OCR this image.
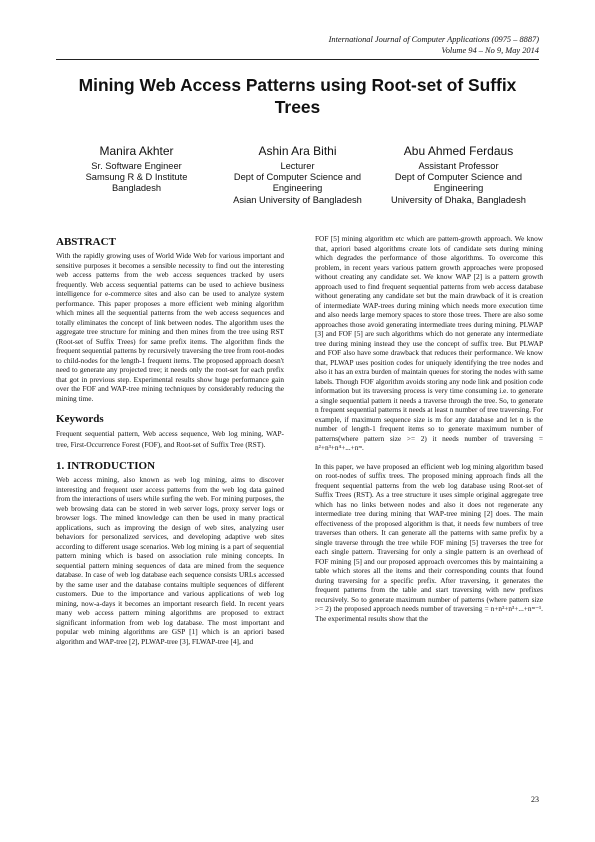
International Journal of Computer Applications (0975 – 8887)
Volume 94 – No 9, May 2014
Mining Web Access Patterns using Root-set of Suffix Trees
Manira Akhter
Sr. Software Engineer
Samsung R & D Institute
Bangladesh
Ashin Ara Bithi
Lecturer
Dept of Computer Science and Engineering
Asian University of Bangladesh
Abu Ahmed Ferdaus
Assistant Professor
Dept of Computer Science and Engineering
University of Dhaka, Bangladesh
ABSTRACT

With the rapidly growing uses of World Wide Web for various important and sensitive purposes it becomes a sensible necessity to find out the interesting web access patterns from the web access sequences tracked by users frequently. Web access sequential patterns can be used to achieve business intelligence for e-commerce sites and also can be used to analyze system performance. This paper proposes a more efficient web mining algorithm which mines all the sequential patterns from the web access sequences and totally eliminates the concept of link between nodes. The algorithm uses the aggregate tree structure for mining and then mines from the tree using RST (Root-set of Suffix Trees) for same prefix items. The algorithm finds the frequent sequential patterns by recursively traversing the tree from root-nodes to child-nodes for the length-1 frequent items. The proposed approach doesn't need to generate any projected tree; it needs only the root-set for each prefix that got in previous step. Experimental results show huge performance gain over the FOF and WAP-tree mining techniques by considerably reducing the mining time.

Keywords

Frequent sequential pattern, Web access sequence, Web log mining, WAP-tree, First-Occurrence Forest (FOF), and Root-set of Suffix Tree (RST).

1. INTRODUCTION

Web access mining, also known as web log mining, aims to discover interesting and frequent user access patterns from the web log data gained from the interactions of users while surfing the web. For mining purposes, the web browsing data can be stored in web server logs, proxy server logs or browser logs. The mined knowledge can then be used in many practical applications, such as improving the design of web sites, analyzing user behaviors for personalized services, and developing adaptive web sites according to different usage scenarios. Web log mining is a part of sequential pattern mining which is based on association rule mining concepts. In sequential pattern mining sequences of data are mined from the sequence database. In case of web log database each sequence consists URLs accessed by the same user and the database contains multiple sequences of different customers. Due to the importance and various applications of web log mining, now-a-days it becomes an important research field. In recent years many web access pattern mining algorithms are proposed to extract significant information from web log database. The most important and popular web mining algorithms are GSP [1] which is an apriori based algorithm and WAP-tree [2], PLWAP-tree [3], FLWAP-tree [4], and

FOF [5] mining algorithm etc which are pattern-growth approach. We know that, apriori based algorithms create lots of candidate sets during mining which degrades the performance of those algorithms. To overcome this problem, in recent years various pattern growth approaches were proposed without creating any candidate set. We know WAP [2] is a pattern growth approach used to find frequent sequential patterns from web access database without generating any candidate set but the main drawback of it is creation of intermediate WAP-trees during mining which needs more execution time and also needs large memory spaces to store those trees. There are also some approaches those avoid generating intermediate trees during mining. PLWAP [3] and FOF [5] are such algorithms which do not generate any intermediate tree during mining instead they use the concept of suffix tree. But PLWAP and FOF also have some drawback that reduces their performance. We know that, PLWAP uses position codes for uniquely identifying the tree nodes and also it has an extra burden of maintain queues for storing the nodes with same labels. Though FOF algorithm avoids storing any node link and position code information but its traversing process is very time consuming i.e. to generate a single sequential pattern it needs a traverse through the tree. So, to generate n frequent sequential patterns it needs at least n number of tree traversing. For example, if maximum sequence size is m for any database and let n is the number of length-1 frequent items so to generate maximum number of patterns(where pattern size >= 2) it needs number of traversing = n²+n³+n⁴+...+nᵐ.

In this paper, we have proposed an efficient web log mining algorithm based on root-nodes of suffix trees. The proposed mining approach finds all the frequent sequential patterns from the web log database using Root-set of Suffix Trees (RST). As a tree structure it uses simple original aggregate tree which has no links between nodes and also it does not regenerate any intermediate tree during mining that WAP-tree mining [2] does. The main effectiveness of the proposed algorithm is that, it needs few numbers of tree traverses than others. It can generate all the patterns with same prefix by a single traverse through the tree while FOF mining [5] traverses the tree for each single pattern. Traversing for only a single pattern is an overhead of FOF mining [5] and our proposed approach overcomes this by maintaining a table which stores all the items and their corresponding counts that found during traversing for a specific prefix. After traversing, it generates the frequent patterns from the table and start traversing with new prefixes recursively. So to generate maximum number of patterns (where pattern size >= 2) the proposed approach needs number of traversing = n+n²+n³+...+nᵐ⁻¹. The experimental results show that the

23
